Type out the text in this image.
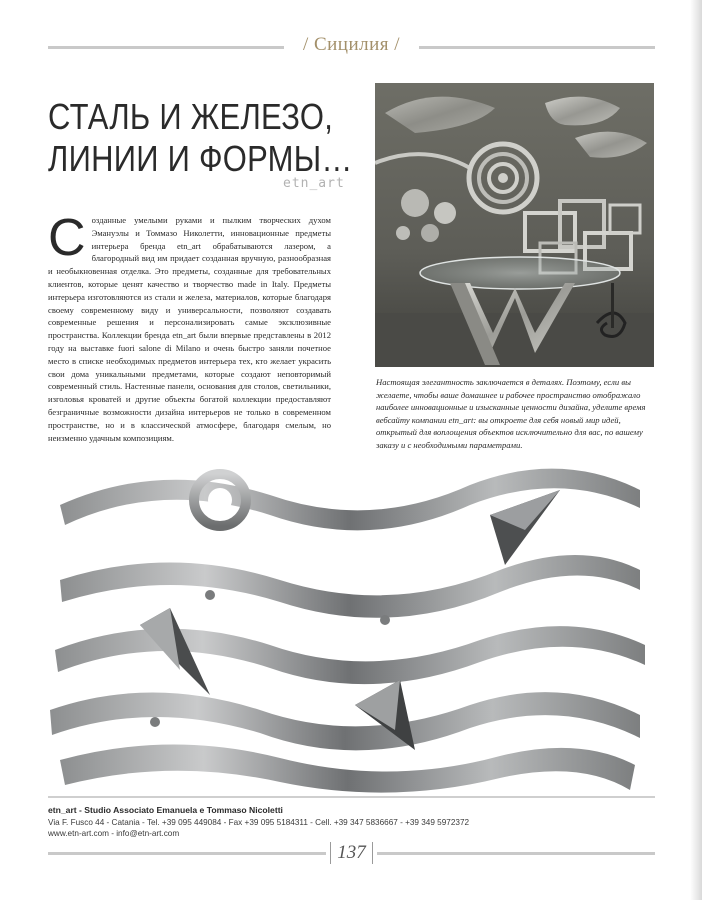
/ Сицилия /
СТАЛЬ И ЖЕЛЕЗО,
ЛИНИИ И ФОРМЫ…
etn_art
С озданные умелыми руками и пылким творческих духом Эмануэлы и Томмазо Николетти, инновационные предметы интерьера бренда etn_art обрабатываются лазером, а благородный вид им придает созданная вручную, разнообразная и необыкновенная отделка. Это предметы, созданные для требовательных клиентов, которые ценят качество и творчество made in Italy. Предметы интерьера изготовляются из стали и железа, материалов, которые благодаря своему современному виду и универсальности, позволяют создавать современные решения и персонализировать самые эксклюзивные пространства. Коллекции бренда etn_art были впервые представлены в 2012 году на выставке fuori salone di Milano и очень быстро заняли почетное место в списке необходимых предметов интерьера тех, кто желает украсить свои дома уникальными предметами, которые создают неповторимый современный стиль. Настенные панели, основания для столов, светильники, изголовья кроватей и другие объекты богатой коллекции предоставляют безграничные возможности дизайна интерьеров не только в современном пространстве, но и в классической атмосфере, благодаря смелым, но неизменно удачным композициям.
Настоящая элегантность заключается в деталях. Поэтому, если вы желаете, чтобы ваше домашнее и рабочее пространство отображало наиболее инновационные и изысканные ценности дизайна, уделите время вебсайту компании etn_art: вы откроете для себя новый мир идей, открытый для воплощения объектов исключительно для вас, по вашему заказу и с необходимыми параметрами.
etn_art - Studio Associato Emanuela e Tommaso Nicoletti
Via F. Fusco 44 - Catania - Tel. +39 095 449084 - Fax +39 095 5184311 - Cell. +39 347 5836667 - +39 349 5972372
www.etn-art.com - info@etn-art.com
137
